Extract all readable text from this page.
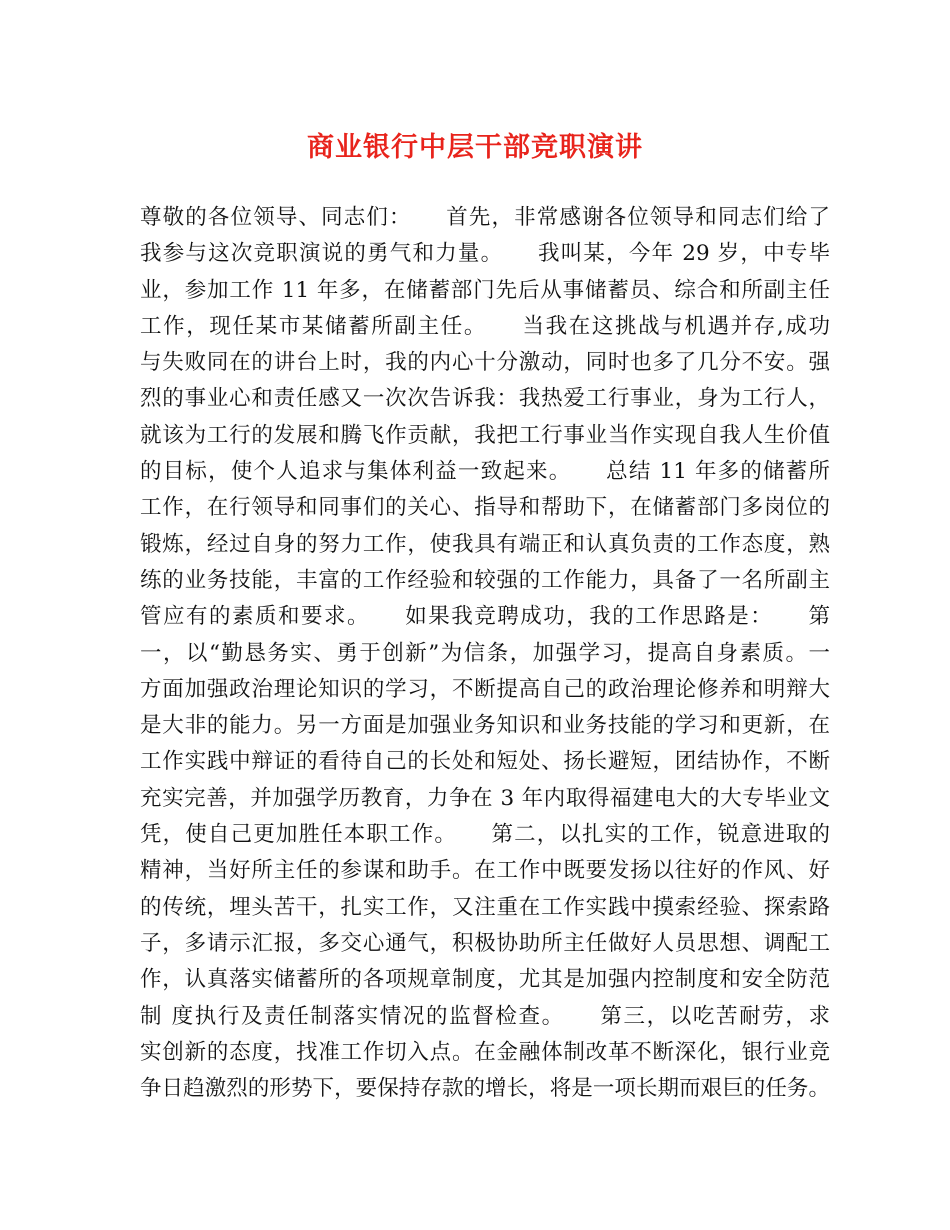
商业银行中层干部竞职演讲
尊敬的各位领导、同志们：　　首先，非常感谢各位领导和同志们给了
我参与这次竞职演说的勇气和力量。　　我叫某，今年 29 岁，中专毕
业，参加工作 11 年多，在储蓄部门先后从事储蓄员、综合和所副主任
工作，现任某市某储蓄所副主任。　　当我在这挑战与机遇并存,成功
与失败同在的讲台上时，我的内心十分激动，同时也多了几分不安。强
烈的事业心和责任感又一次次告诉我：我热爱工行事业，身为工行人，
就该为工行的发展和腾飞作贡献，我把工行事业当作实现自我人生价值
的目标，使个人追求与集体利益一致起来。　　总结 11 年多的储蓄所
工作，在行领导和同事们的关心、指导和帮助下，在储蓄部门多岗位的
锻炼，经过自身的努力工作，使我具有端正和认真负责的工作态度，熟
练的业务技能，丰富的工作经验和较强的工作能力，具备了一名所副主
管应有的素质和要求。　　如果我竞聘成功，我的工作思路是：　　第
一，以“勤恳务实、勇于创新”为信条，加强学习，提高自身素质。一
方面加强政治理论知识的学习，不断提高自己的政治理论修养和明辩大
是大非的能力。另一方面是加强业务知识和业务技能的学习和更新，在
工作实践中辩证的看待自己的长处和短处、扬长避短，团结协作，不断
充实完善，并加强学历教育，力争在 3 年内取得福建电大的大专毕业文
凭，使自己更加胜任本职工作。　　第二，以扎实的工作，锐意进取的
精神，当好所主任的参谋和助手。在工作中既要发扬以往好的作风、好
的传统，埋头苦干，扎实工作，又注重在工作实践中摸索经验、探索路
子，多请示汇报，多交心通气，积极协助所主任做好人员思想、调配工
作，认真落实储蓄所的各项规章制度，尤其是加强内控制度和安全防范
制 度执行及责任制落实情况的监督检查。　　第三，以吃苦耐劳，求
实创新的态度，找准工作切入点。在金融体制改革不断深化，银行业竞
争日趋激烈的形势下，要保持存款的增长，将是一项长期而艰巨的任务。
